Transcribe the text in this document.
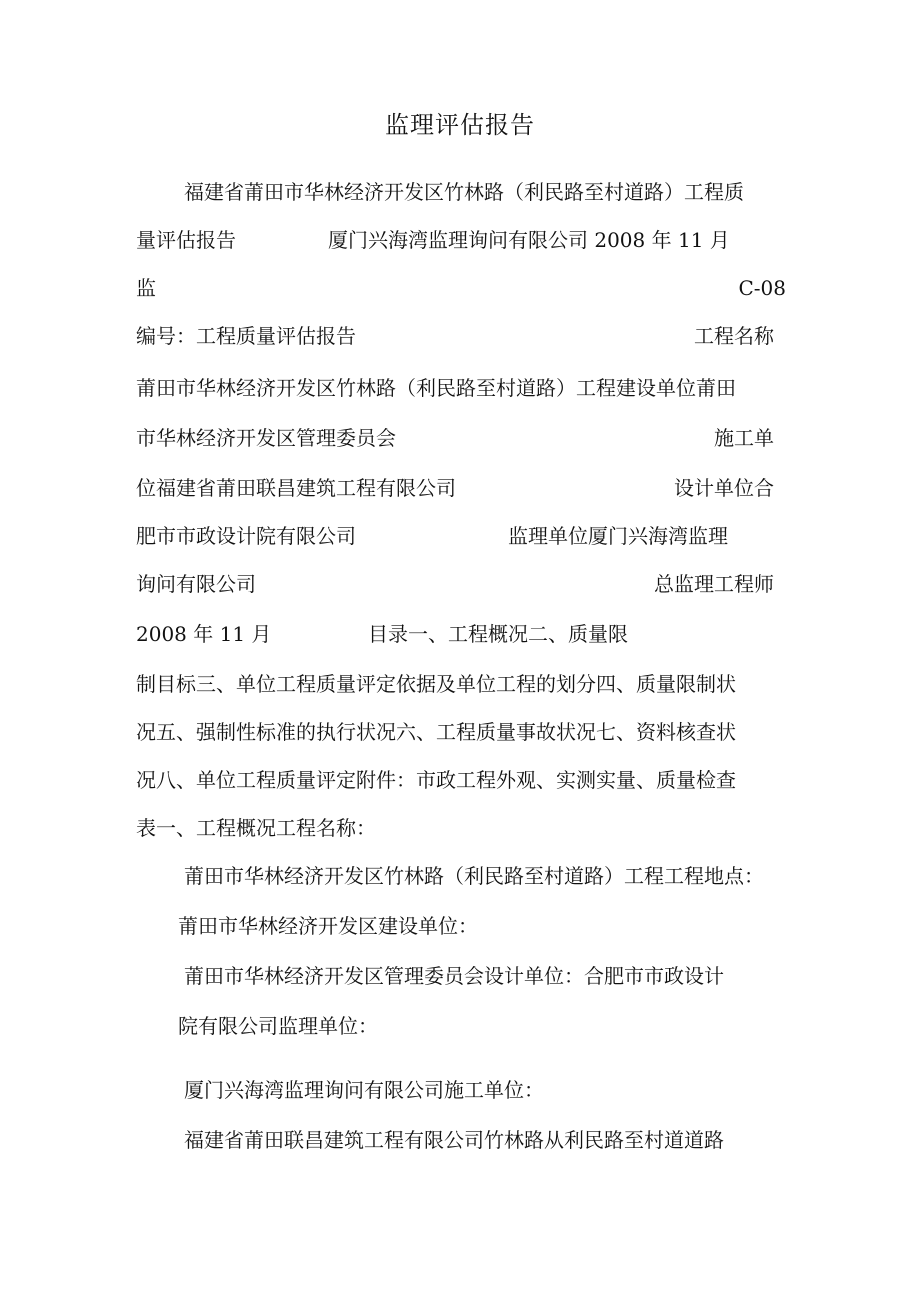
监理评估报告
福建省莆田市华林经济开发区竹林路（利民路至村道路）工程质
量评估报告	厦门兴海湾监理询问有限公司 2008 年 11 月
监	C-08
编号：工程质量评估报告	工程名称
莆田市华林经济开发区竹林路（利民路至村道路）工程建设单位莆田
市华林经济开发区管理委员会	施工单
位福建省莆田联昌建筑工程有限公司	设计单位合
肥市市政设计院有限公司	监理单位厦门兴海湾监理
询问有限公司	总监理工程师
2008 年 11 月	目录一、工程概况二、质量限
制目标三、单位工程质量评定依据及单位工程的划分四、质量限制状
况五、强制性标准的执行状况六、工程质量事故状况七、资料核查状
况八、单位工程质量评定附件：市政工程外观、实测实量、质量检查
表一、工程概况工程名称：
莆田市华林经济开发区竹林路（利民路至村道路）工程工程地点：
莆田市华林经济开发区建设单位：
莆田市华林经济开发区管理委员会设计单位：合肥市市政设计
院有限公司监理单位：
厦门兴海湾监理询问有限公司施工单位：
福建省莆田联昌建筑工程有限公司竹林路从利民路至村道道路
